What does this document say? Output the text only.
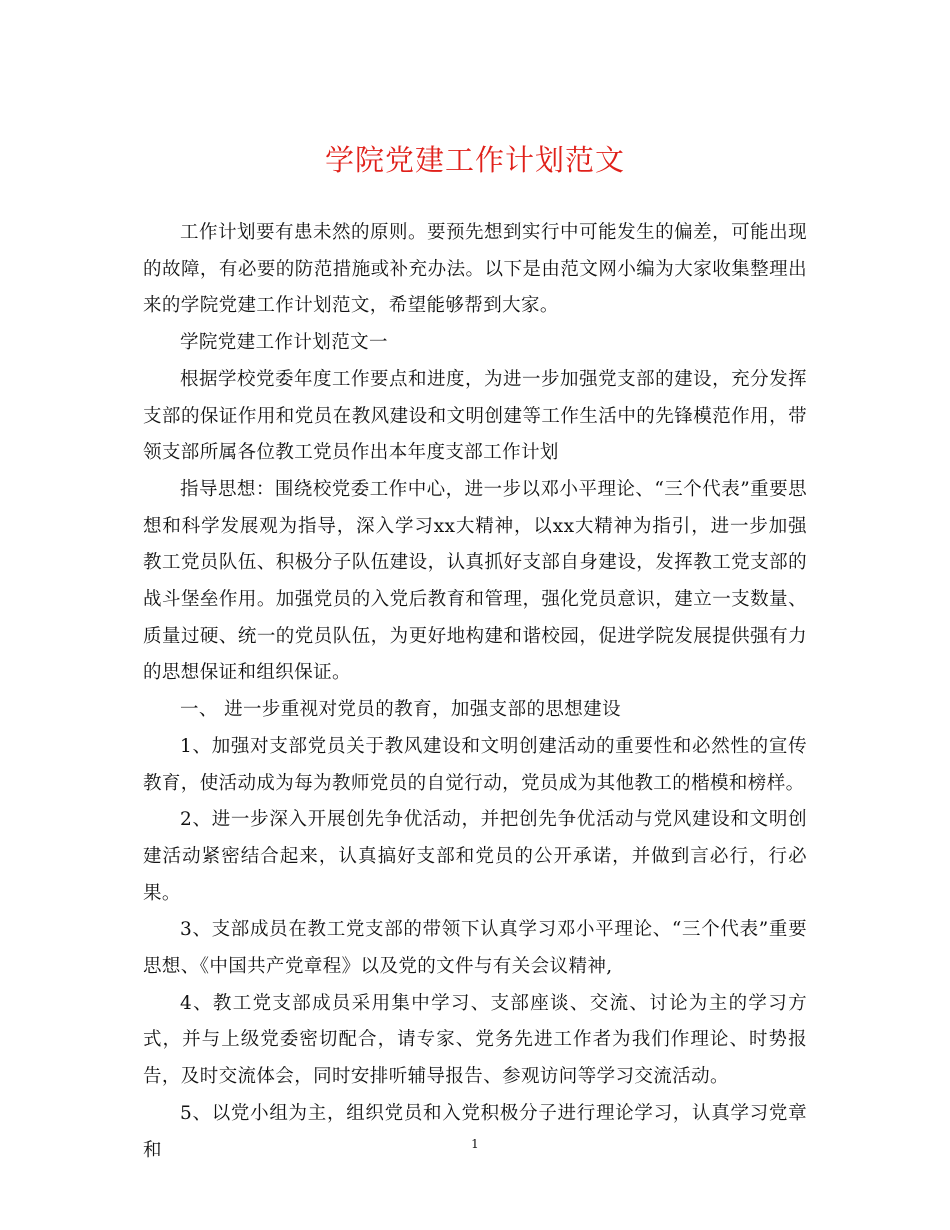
学院党建工作计划范文

工作计划要有患未然的原则。要预先想到实行中可能发生的偏差，可能出现的故障，有必要的防范措施或补充办法。以下是由范文网小编为大家收集整理出来的学院党建工作计划范文，希望能够帮到大家。

学院党建工作计划范文一

根据学校党委年度工作要点和进度，为进一步加强党支部的建设，充分发挥支部的保证作用和党员在教风建设和文明创建等工作生活中的先锋模范作用，带领支部所属各位教工党员作出本年度支部工作计划

指导思想：围绕校党委工作中心，进一步以邓小平理论、“三个代表”重要思想和科学发展观为指导，深入学习xx大精神，以xx大精神为指引，进一步加强教工党员队伍、积极分子队伍建设，认真抓好支部自身建设，发挥教工党支部的战斗堡垒作用。加强党员的入党后教育和管理，强化党员意识，建立一支数量、质量过硬、统一的党员队伍，为更好地构建和谐校园，促进学院发展提供强有力的思想保证和组织保证。

一、 进一步重视对党员的教育，加强支部的思想建设

1、加强对支部党员关于教风建设和文明创建活动的重要性和必然性的宣传教育，使活动成为每为教师党员的自觉行动，党员成为其他教工的楷模和榜样。

2、进一步深入开展创先争优活动，并把创先争优活动与党风建设和文明创建活动紧密结合起来，认真搞好支部和党员的公开承诺，并做到言必行，行必果。

3、支部成员在教工党支部的带领下认真学习邓小平理论、“三个代表”重要思想、《中国共产党章程》以及党的文件与有关会议精神,

4、教工党支部成员采用集中学习、支部座谈、交流、讨论为主的学习方式，并与上级党委密切配合，请专家、党务先进工作者为我们作理论、时势报告，及时交流体会，同时安排听辅导报告、参观访问等学习交流活动。

5、以党小组为主，组织党员和入党积极分子进行理论学习，认真学习党章和	1
